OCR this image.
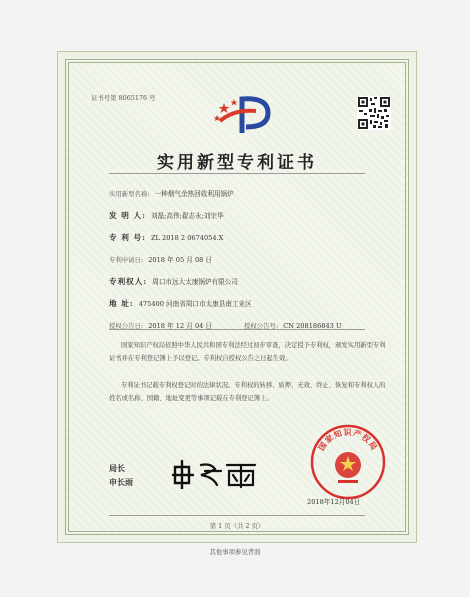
证书号第 8065176 号
实用新型专利证书
实用新型名称: 一种烟气余热回收利用锅炉
发 明 人: 刘磊;高伟;翟志永;刘宗华
专 利 号: ZL 2018 2 0674054.X
专利申请日: 2018 年 05 月 08 日
专利权人: 周口市远大太康锅炉有限公司
地 址: 475400 河南省周口市太康县南工业区
授权公告日: 2018 年 12 月 04 日	授权公告号: CN 208186843 U
国家知识产权局依照中华人民共和国专利法经过初步审查，决定授予专利权，颁发实用新型专利证书并在专利登记簿上予以登记。专利权自授权公告之日起生效。
专利证书记载专利权登记时的法律状况。专利权的转移、质押、无效、终止、恢复和专利权人的姓名或名称、国籍、地址变更等事项记载在专利登记簿上。
局长
申长雨
国家知识产权局
2018年12月04日
第 1 页（共 2 页）
其他事项参见背面
